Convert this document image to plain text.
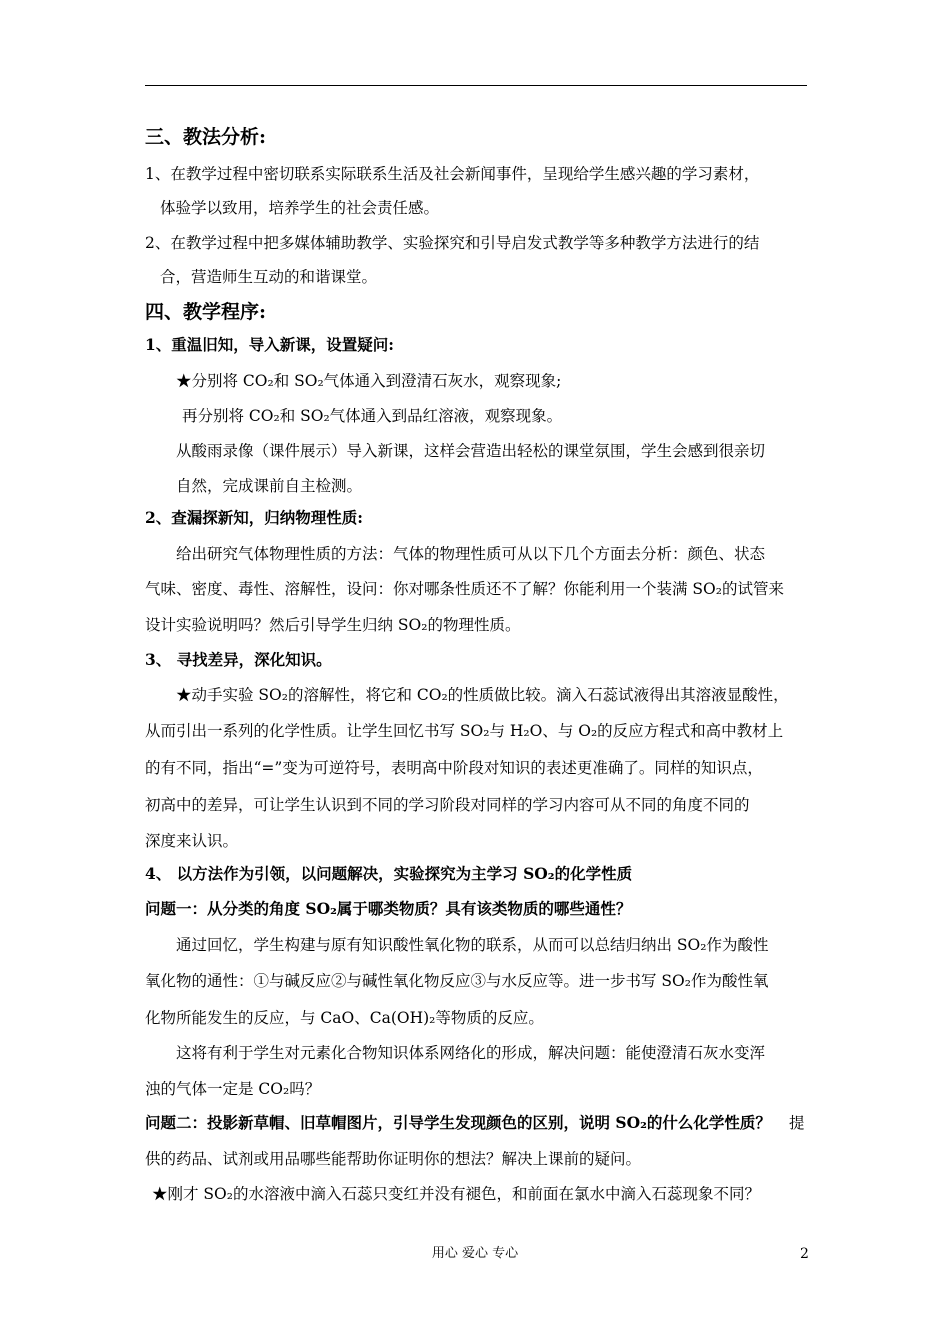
三、教法分析:
1、在教学过程中密切联系实际联系生活及社会新闻事件，呈现给学生感兴趣的学习素材，
体验学以致用，培养学生的社会责任感。
2、在教学过程中把多媒体辅助教学、实验探究和引导启发式教学等多种教学方法进行的结
合，营造师生互动的和谐课堂。
四、教学程序:
1、重温旧知，导入新课，设置疑问:
★分别将 CO₂和 SO₂气体通入到澄清石灰水，观察现象;
再分别将 CO₂和 SO₂气体通入到品红溶液，观察现象。
从酸雨录像（课件展示）导入新课，这样会营造出轻松的课堂氛围，学生会感到很亲切
自然，完成课前自主检测。
2、查漏探新知，归纳物理性质:
给出研究气体物理性质的方法：气体的物理性质可从以下几个方面去分析：颜色、状态
气味、密度、毒性、溶解性，设问：你对哪条性质还不了解？你能利用一个装满 SO₂的试管来
设计实验说明吗？然后引导学生归纳 SO₂的物理性质。
3、 寻找差异，深化知识。
★动手实验 SO₂的溶解性，将它和 CO₂的性质做比较。滴入石蕊试液得出其溶液显酸性，
从而引出一系列的化学性质。让学生回忆书写 SO₂与 H₂O、与 O₂的反应方程式和高中教材上
的有不同，指出“=”变为可逆符号，表明高中阶段对知识的表述更准确了。同样的知识点，
初高中的差异，可让学生认识到不同的学习阶段对同样的学习内容可从不同的角度不同的
深度来认识。
4、 以方法作为引领，以问题解决，实验探究为主学习 SO₂的化学性质
问题一：从分类的角度 SO₂属于哪类物质？具有该类物质的哪些通性？
通过回忆，学生构建与原有知识酸性氧化物的联系，从而可以总结归纳出 SO₂作为酸性
氧化物的通性：①与碱反应②与碱性氧化物反应③与水反应等。进一步书写 SO₂作为酸性氧
化物所能发生的反应，与 CaO、Ca(OH)₂等物质的反应。
这将有利于学生对元素化合物知识体系网络化的形成，解决问题：能使澄清石灰水变浑
浊的气体一定是 CO₂吗？
问题二：投影新草帽、旧草帽图片，引导学生发现颜色的区别，说明 SO₂的什么化学性质？ 提
供的药品、试剂或用品哪些能帮助你证明你的想法？解决上课前的疑问。
★刚才 SO₂的水溶液中滴入石蕊只变红并没有褪色，和前面在氯水中滴入石蕊现象不同？
用心 爱心 专心	2
